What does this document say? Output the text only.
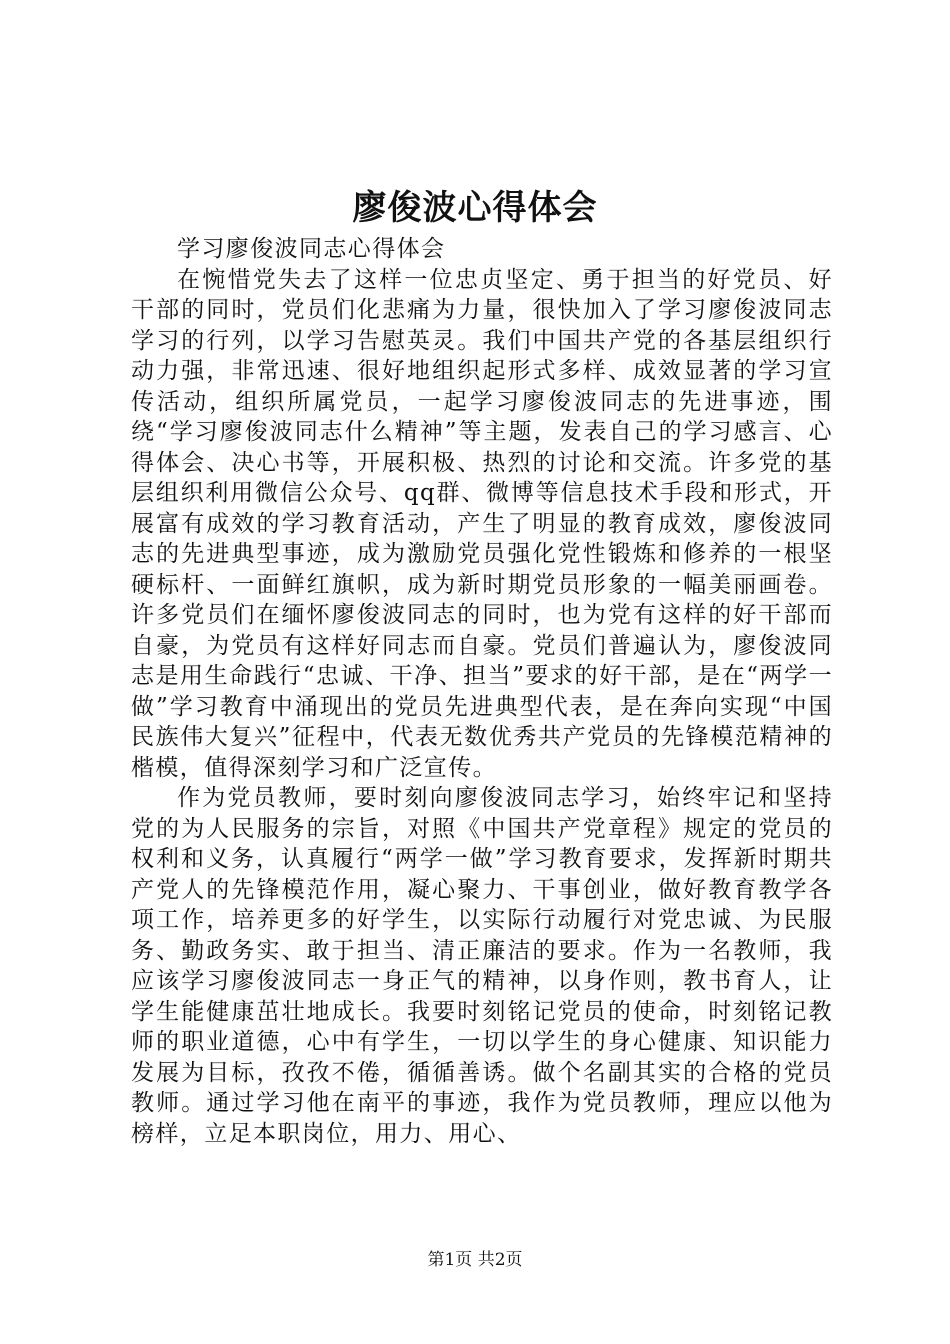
廖俊波心得体会
学习廖俊波同志心得体会

在惋惜党失去了这样一位忠贞坚定、勇于担当的好党员、好干部的同时，党员们化悲痛为力量，很快加入了学习廖俊波同志学习的行列，以学习告慰英灵。我们中国共产党的各基层组织行动力强，非常迅速、很好地组织起形式多样、成效显著的学习宣传活动，组织所属党员，一起学习廖俊波同志的先进事迹，围绕“学习廖俊波同志什么精神”等主题，发表自己的学习感言、心得体会、决心书等，开展积极、热烈的讨论和交流。许多党的基层组织利用微信公众号、qq群、微博等信息技术手段和形式，开展富有成效的学习教育活动，产生了明显的教育成效，廖俊波同志的先进典型事迹，成为激励党员强化党性锻炼和修养的一根坚硬标杆、一面鲜红旗帜，成为新时期党员形象的一幅美丽画卷。许多党员们在缅怀廖俊波同志的同时，也为党有这样的好干部而自豪，为党员有这样好同志而自豪。党员们普遍认为，廖俊波同志是用生命践行“忠诚、干净、担当”要求的好干部，是在“两学一做”学习教育中涌现出的党员先进典型代表，是在奔向实现“中国民族伟大复兴”征程中，代表无数优秀共产党员的先锋模范精神的楷模，值得深刻学习和广泛宣传。

作为党员教师，要时刻向廖俊波同志学习，始终牢记和坚持党的为人民服务的宗旨，对照《中国共产党章程》规定的党员的权利和义务，认真履行“两学一做”学习教育要求，发挥新时期共产党人的先锋模范作用，凝心聚力、干事创业，做好教育教学各项工作，培养更多的好学生，以实际行动履行对党忠诚、为民服务、勤政务实、敢于担当、清正廉洁的要求。作为一名教师，我应该学习廖俊波同志一身正气的精神，以身作则，教书育人，让学生能健康茁壮地成长。我要时刻铭记党员的使命，时刻铭记教师的职业道德，心中有学生，一切以学生的身心健康、知识能力发展为目标，孜孜不倦，循循善诱。做个名副其实的合格的党员教师。通过学习他在南平的事迹，我作为党员教师，理应以他为榜样，立足本职岗位，用力、用心、

第1页 共2页
